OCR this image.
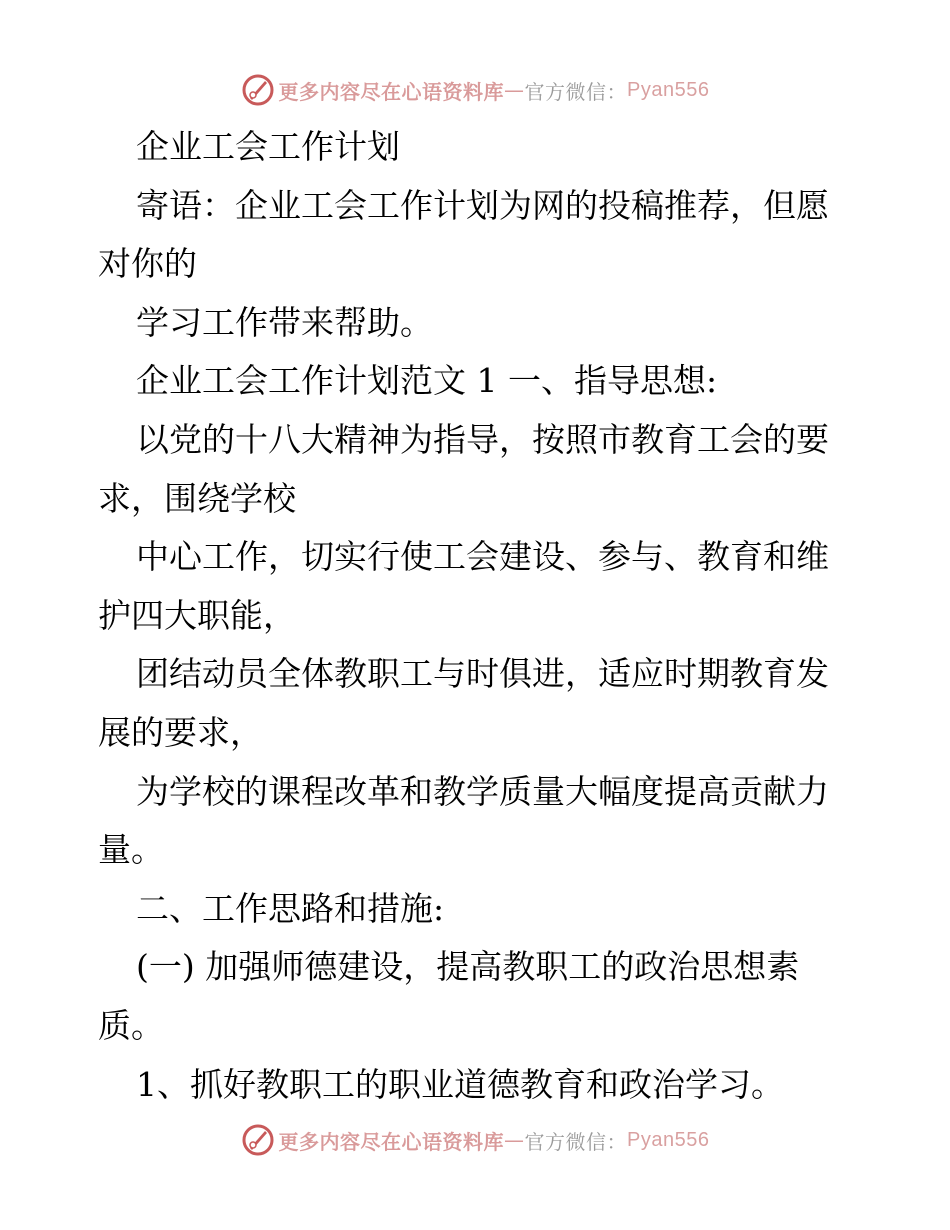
更多内容尽在心语资料库 — 官方微信： Pyan556
企业工会工作计划
寄语：企业工会工作计划为网的投稿推荐，但愿
对你的
学习工作带来帮助。
企业工会工作计划范文 1 一、指导思想:
以党的十八大精神为指导，按照市教育工会的要
求，围绕学校
中心工作，切实行使工会建设、参与、教育和维
护四大职能，
团结动员全体教职工与时俱进，适应时期教育发
展的要求，
为学校的课程改革和教学质量大幅度提高贡献力
量。
二、工作思路和措施:
(一) 加强师德建设，提高教职工的政治思想素
质。
1、抓好教职工的职业道德教育和政治学习。
更多内容尽在心语资料库 — 官方微信： Pyan556
